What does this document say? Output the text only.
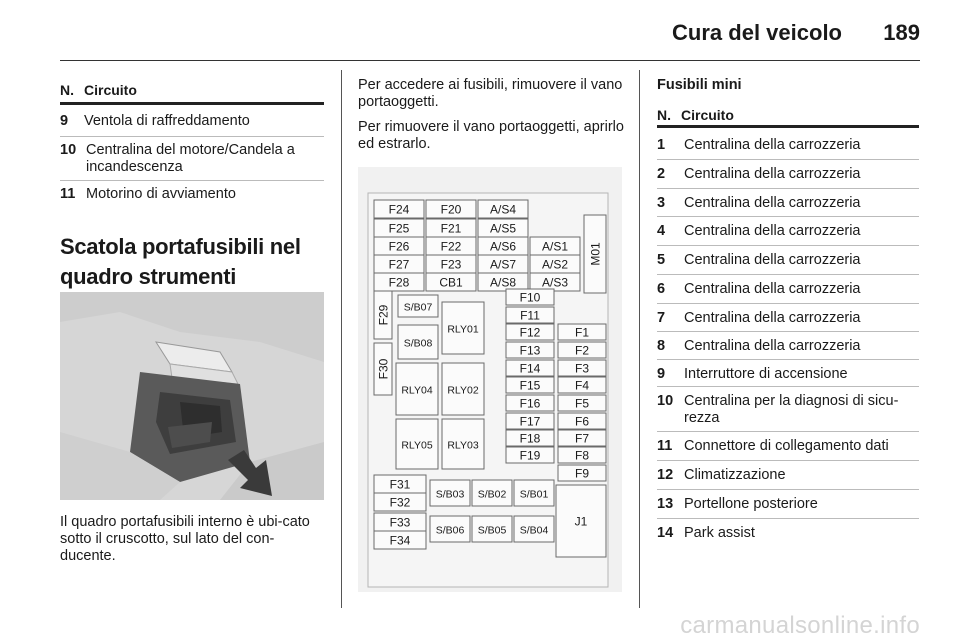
Cura del veicolo 189
N. Circuito
9	Ventola di raffreddamento
10 Centralina del motore/Candela a incandescenza
11 Motorino di avviamento
Scatola portafusibili nel quadro strumenti
Il quadro portafusibili interno è ubi-cato sotto il cruscotto, sul lato del con-ducente.
Per accedere ai fusibili, rimuovere il vano portaoggetti.
Per rimuovere il vano portaoggetti, aprirlo ed estrarlo.
F24	F20 A/S4
F25	F21 A/S5
F26	F22 A/S6 A/S1
F27	F23 A/S7 A/S2
F28 CB1 A/S8 A/S3
M01
F29
F30
S/B07
S/B08
RLY01
F10
F11
F12	F1
F13	F2
F14	F3
F15	F4
F16	F5
F17	F6
F18	F7
F19	F8
F9
RLY04 RLY02
RLY05 RLY03
F31
F32
F33
F34
S/B03 S/B02 S/B01
S/B06 S/B05 S/B04
J1
Fusibili mini
N. Circuito
1	Centralina della carrozzeria
2	Centralina della carrozzeria
3	Centralina della carrozzeria
4	Centralina della carrozzeria
5	Centralina della carrozzeria
6	Centralina della carrozzeria
7	Centralina della carrozzeria
8	Centralina della carrozzeria
9	Interruttore di accensione
10 Centralina per la diagnosi di sicu-rezza
11 Connettore di collegamento dati
12 Climatizzazione
13 Portellone posteriore
14 Park assist
carmanualsonline.info
